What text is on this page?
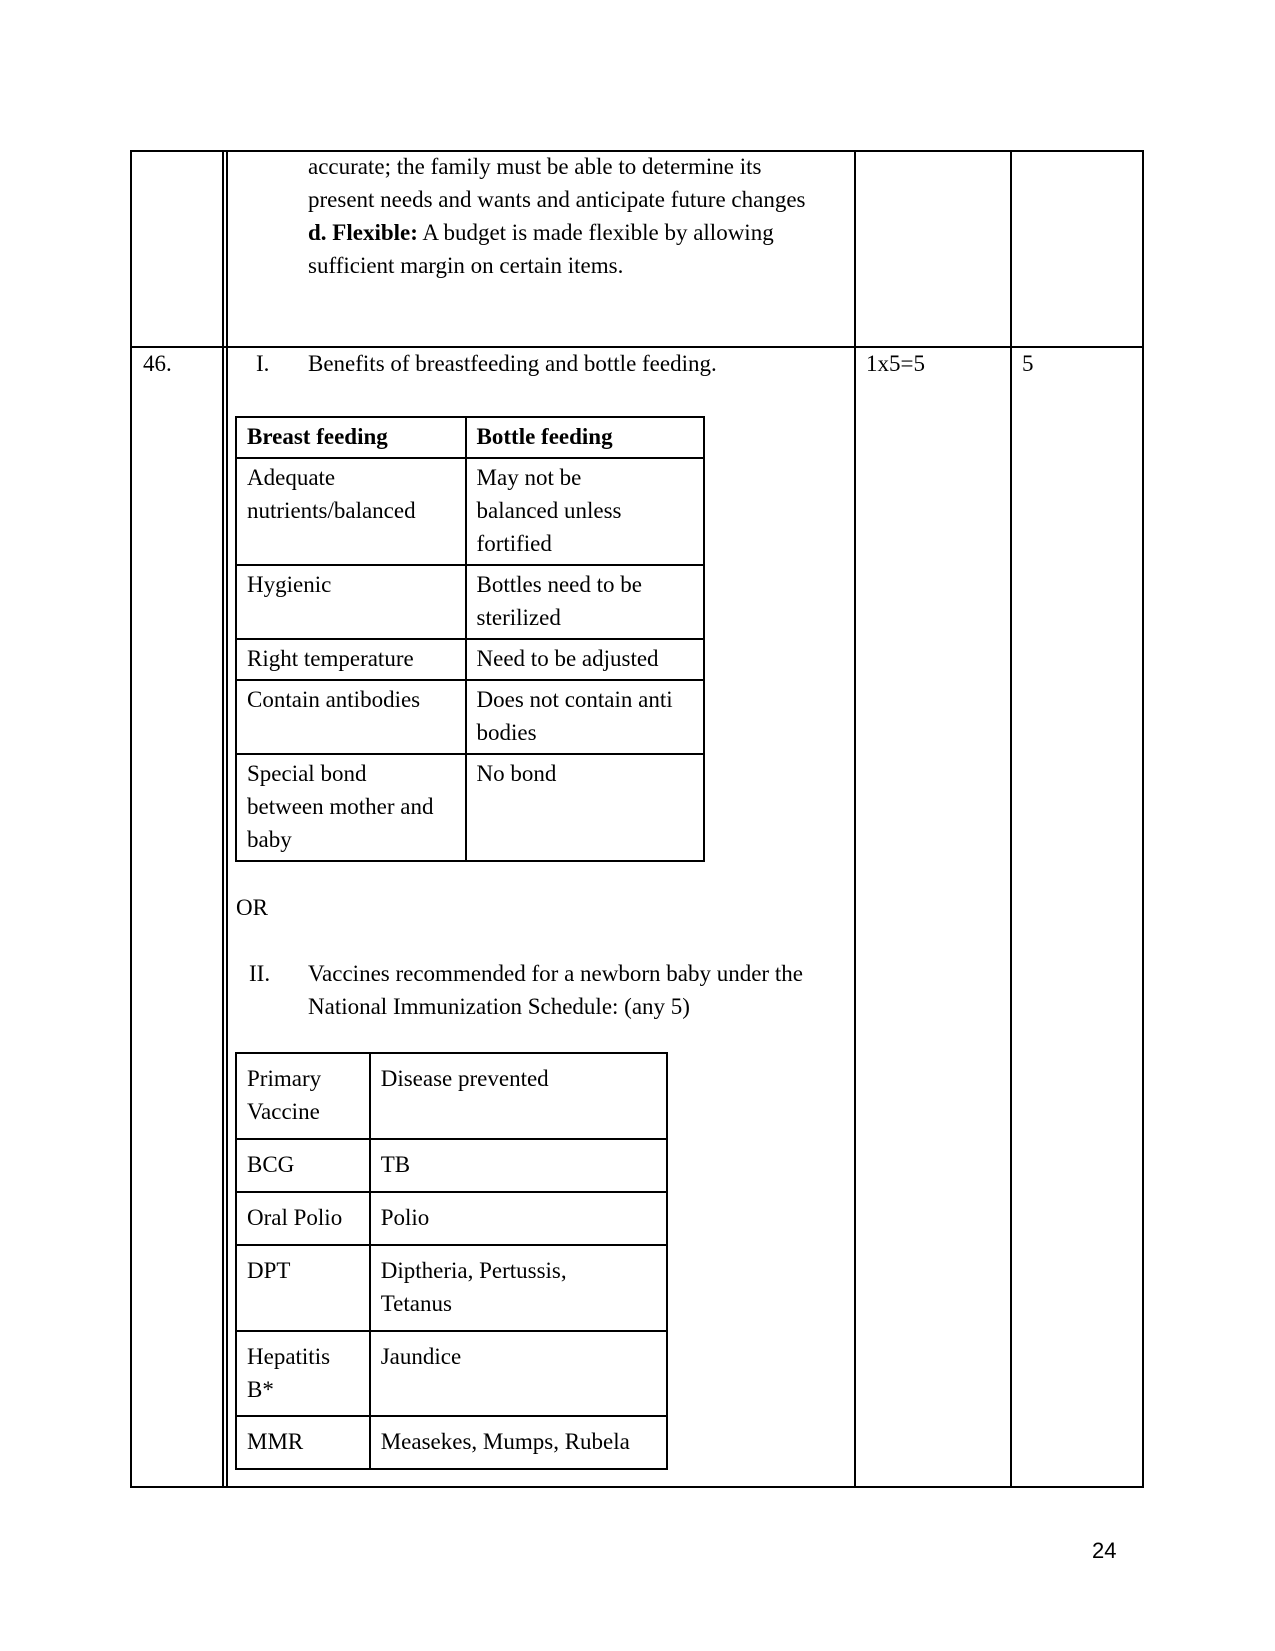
accurate; the family must be able to determine its
present needs and wants and anticipate future changes
d. Flexible: A budget is made flexible by allowing
sufficient margin on certain items.
46.	1x5=5	5
I. Benefits of breastfeeding and bottle feeding.
Breast feeding	Bottle feeding
Adequate
nutrients/balanced	May not be
balanced unless
fortified
Hygienic	Bottles need to be
sterilized
Right temperature	Need to be adjusted
Contain antibodies	Does not contain anti
bodies
Special bond
between mother and
baby	No bond
OR
II. Vaccines recommended for a newborn baby under the
National Immunization Schedule: (any 5)
Primary
Vaccine	Disease prevented
BCG	TB
Oral Polio	Polio
DPT	Diptheria, Pertussis,
Tetanus
Hepatitis
B*	Jaundice
MMR	Measekes, Mumps, Rubela
24
